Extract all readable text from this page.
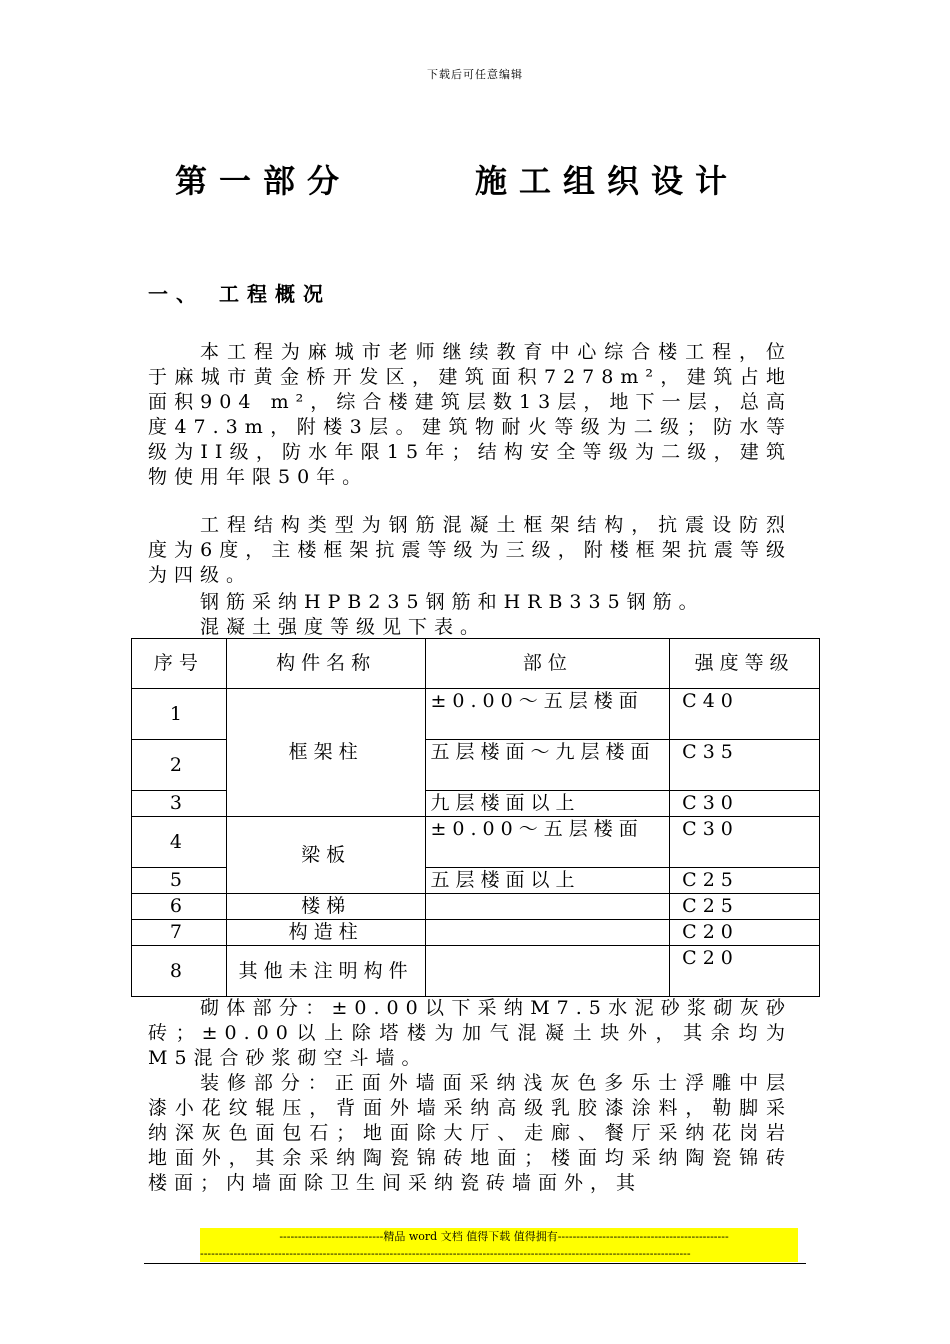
下载后可任意编辑
第一部分	施工组织设计
一、 工程概况
本工程为麻城市老师继续教育中心综合楼工程，位于麻城市黄金桥开发区，建筑面积7278m²，建筑占地面积904 m²，综合楼建筑层数13层，地下一层，总高度47.3m，附楼3层。建筑物耐火等级为二级；防水等级为II级，防水年限15年；结构安全等级为二级，建筑物使用年限50年。
工程结构类型为钢筋混凝土框架结构，抗震设防烈度为6度，主楼框架抗震等级为三级，附楼框架抗震等级为四级。
钢筋采纳HPB235钢筋和HRB335钢筋。
混凝土强度等级见下表。
序号	构件名称	部位	强度等级
1	框架柱	±0.00～五层楼面	C40
2		五层楼面～九层楼面	C35
3		九层楼面以上	C30
4	梁板	±0.00～五层楼面	C30
5		五层楼面以上	C25
6	楼梯		C25
7	构造柱		C20
8	其他未注明构件		C20
砌体部分：±0.00以下采纳M7.5水泥砂浆砌灰砂砖；±0.00以上除塔楼为加气混凝土块外，其余均为M5混合砂浆砌空斗墙。
装修部分：正面外墙面采纳浅灰色多乐士浮雕中层漆小花纹辊压，背面外墙采纳高级乳胶漆涂料，勒脚采纳深灰色面包石；地面除大厅、走廊、餐厅采纳花岗岩地面外，其余采纳陶瓷锦砖地面；楼面均采纳陶瓷锦砖楼面；内墙面除卫生间采纳瓷砖墙面外，其
----------------------------精品 word 文档 值得下载 值得拥有----------------------------------------------
------------------------------------------------------------------------------------------------------------------------------------
